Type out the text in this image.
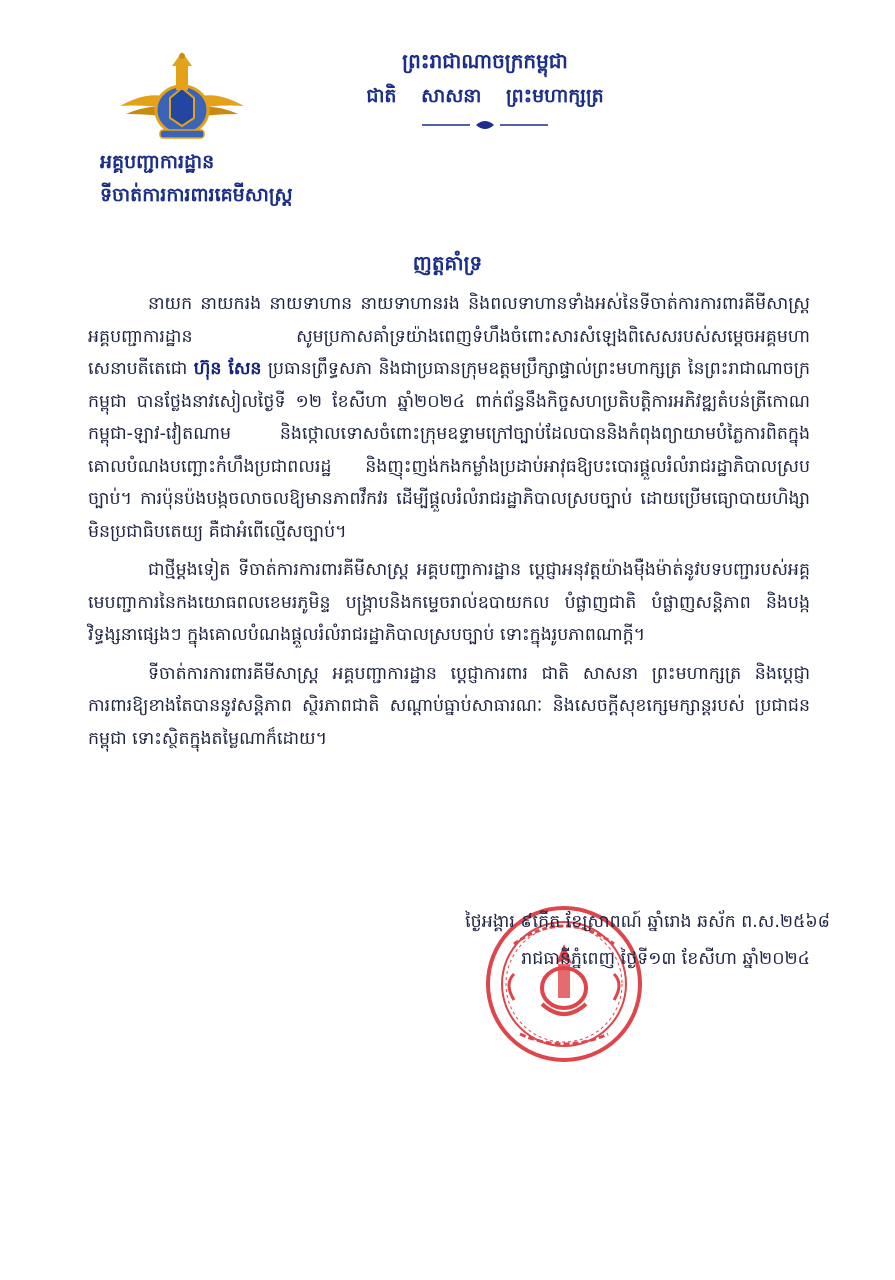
អគ្គបញ្ជាការដ្ឋាន
ទីចាត់ការការពារគេមីសាស្ត្រ
ព្រះរាជាណាចក្រកម្ពុជា
ជាតិ សាសនា ព្រះមហាក្សត្រ
ញត្តគាំទ្រ

នាយក នាយករង នាយទាហាន នាយទាហានរង និងពលទាហានទាំងអស់នៃទីចាត់ការការពារគីមីសាស្ត្រ អគ្គបញ្ជាការដ្ឋាន សូមប្រកាសគាំទ្រយ៉ាងពេញទំហឹងចំពោះសារសំឡេងពិសេសរបស់សម្តេចអគ្គមហាសេនាបតីតេជោ ហ៊ុន សែន ប្រធានព្រឹទ្ធសភា និងជាប្រធានក្រុមឧត្តមប្រឹក្សាផ្ទាល់ព្រះមហាក្សត្រ នៃព្រះរាជាណាចក្រកម្ពុជា បានថ្លែងនាវសៀលថ្ងៃទី ១២ ខែសីហា ឆ្នាំ២០២៤ ពាក់ព័ន្ធនឹងកិច្ចសហប្រតិបត្តិការអភិវឌ្ឍតំបន់ត្រីកោណ កម្ពុជា-ឡាវ-វៀតណាម និងថ្កោលទោសចំពោះក្រុមឧទ្ទាមក្រៅច្បាប់ដែលបាននិងកំពុងព្យាយាមបំភ្លៃការពិតក្នុងគោលបំណងបញ្ឆោះកំហឹងប្រជាពលរដ្ឋ និងញុះញង់កងកម្លាំងប្រដាប់អាវុធឱ្យបះបោរផ្តួលរំលំរាជរដ្ឋាភិបាលស្របច្បាប់។ ការប៉ុនប៉ងបង្កចលាចលឱ្យមានភាពវឹកវរ ដើម្បីផ្តួលរំលំរាជរដ្ឋាភិបាលស្របច្បាប់ ដោយប្រើមធ្យោបាយហិង្សា មិនប្រជាធិបតេយ្យ គឺជាអំពើល្មើសច្បាប់។

ជាថ្មីម្តងទៀត ទីចាត់ការការពារគីមីសាស្ត្រ អគ្គបញ្ជាការដ្ឋាន ប្តេជ្ញាអនុវត្តយ៉ាងម៉ឺងម៉ាត់នូវបទបញ្ជារបស់អគ្គមេបញ្ជាការនៃកងយោធពលខេមរភូមិន្ទ បង្ក្រាបនិងកម្ទេចរាល់ឧបាយកល បំផ្លាញជាតិ បំផ្លាញសន្តិភាព និងបង្កវិទ្ធង្សនាផ្សេងៗ ក្នុងគោលបំណងផ្តួលរំលំរាជរដ្ឋាភិបាលស្របច្បាប់ ទោះក្នុងរូបភាពណាក្តី។

ទីចាត់ការការពារគីមីសាស្ត្រ អគ្គបញ្ជាការដ្ឋាន ប្តេជ្ញាការពារ ជាតិ សាសនា ព្រះមហាក្សត្រ និងប្តេជ្ញាការពារឱ្យខាងតែបាននូវសន្តិភាព ស្ថិរភាពជាតិ សណ្តាប់ធ្នាប់សាធារណៈ និងសេចក្តីសុខក្សេមក្សាន្តរបស់ ប្រជាជនកម្ពុជា ទោះស្ថិតក្នុងតម្លៃណាក៏ដោយ។

ថ្ងៃអង្គារ ៩កើត ខែស្រាពណ៍ ឆ្នាំរោង ឆស័ក ព.ស.២៥៦៨
រាជធានីភ្នំពេញ ថ្ងៃទី១៣ ខែសីហា ឆ្នាំ២០២៤
